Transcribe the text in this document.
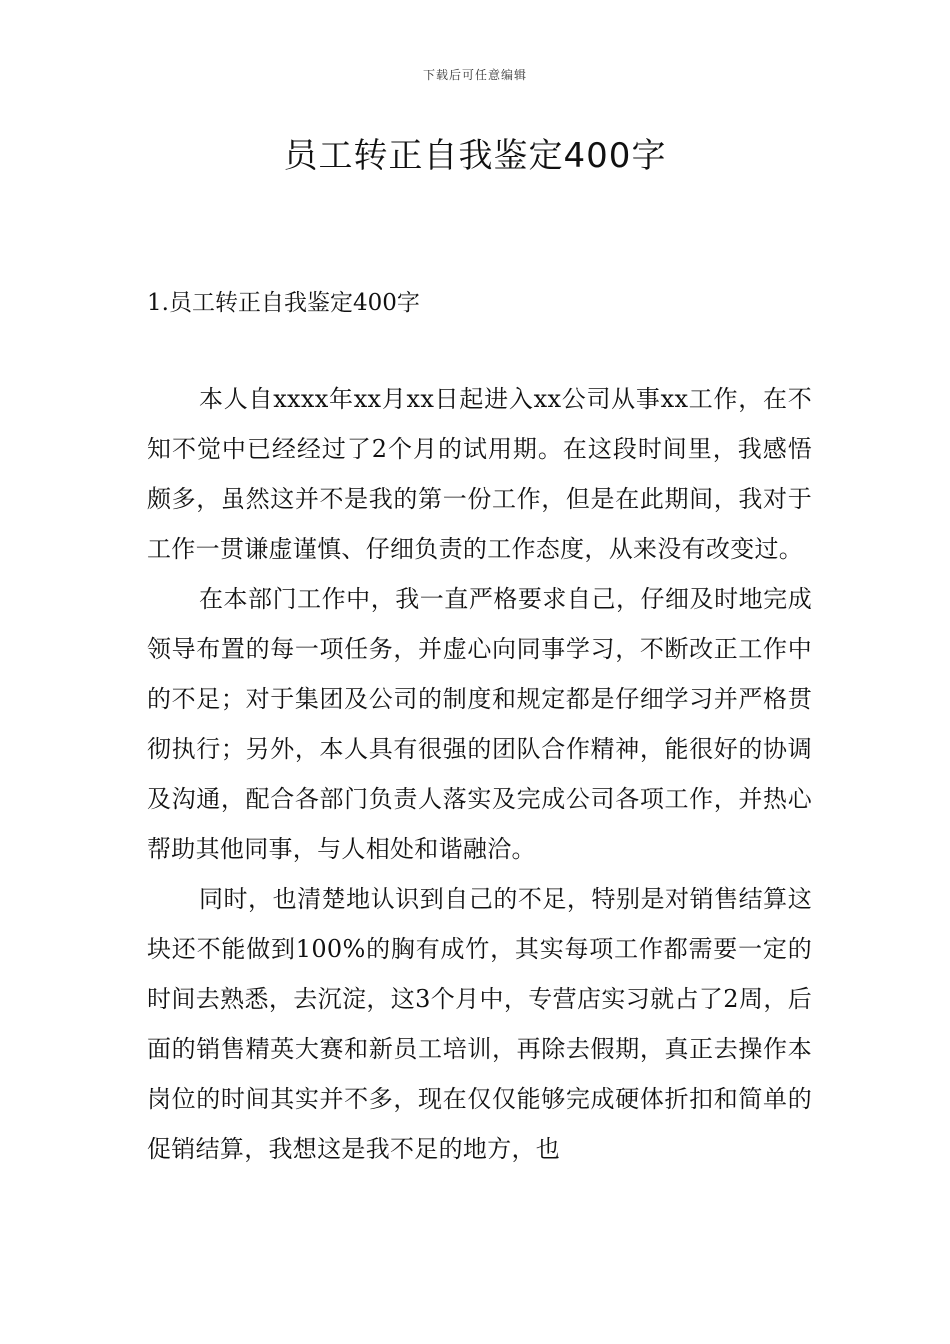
下载后可任意编辑
员工转正自我鉴定400字
1.员工转正自我鉴定400字

本人自xxxx年xx月xx日起进入xx公司从事xx工作，在不知不觉中已经经过了2个月的试用期。在这段时间里，我感悟颇多，虽然这并不是我的第一份工作，但是在此期间，我对于工作一贯谦虚谨慎、仔细负责的工作态度，从来没有改变过。

在本部门工作中，我一直严格要求自己，仔细及时地完成领导布置的每一项任务，并虚心向同事学习，不断改正工作中的不足；对于集团及公司的制度和规定都是仔细学习并严格贯彻执行；另外，本人具有很强的团队合作精神，能很好的协调及沟通，配合各部门负责人落实及完成公司各项工作，并热心帮助其他同事，与人相处和谐融洽。

同时，也清楚地认识到自己的不足，特别是对销售结算这块还不能做到100%的胸有成竹，其实每项工作都需要一定的时间去熟悉，去沉淀，这3个月中，专营店实习就占了2周，后面的销售精英大赛和新员工培训，再除去假期，真正去操作本岗位的时间其实并不多，现在仅仅能够完成硬体折扣和简单的促销结算，我想这是我不足的地方，也
